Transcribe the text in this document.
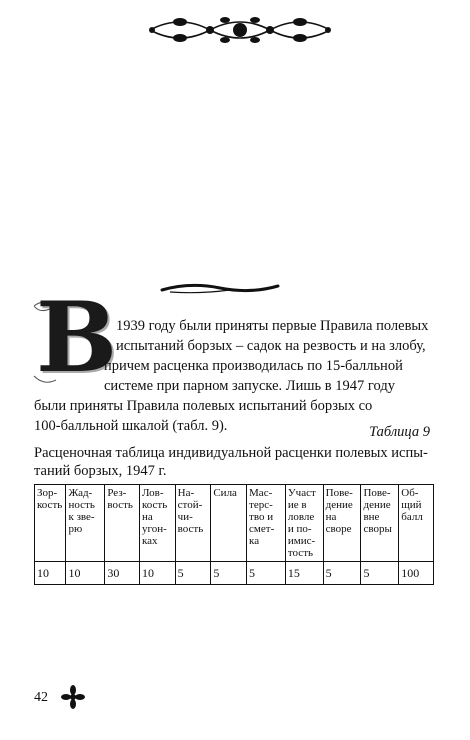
В
1939 году были приняты первые Правила полевых
испытаний борзых – садок на резвость и на злобу,
причем расценка производилась по 15-балльной
системе при парном запуске. Лишь в 1947 году
были приняты Правила полевых испытаний борзых со
100-балльной шкалой (табл. 9).	Таблица 9
Расценочная таблица индивидуальной расценки полевых испы-
таний борзых, 1947 г.
Зор-кость	Жад-ность к зве-рю	Рез-вость	Лов-кость на угон-ках	На-стой-чи-вость	Сила	Мас-терс-тво и смет-ка	Участие в ловле и по-имис-тость	Пове-дение на своре	Пове-дение вне своры	Об-щий балл
10	10	30	10	5	5	5	15	5	5	100
42
